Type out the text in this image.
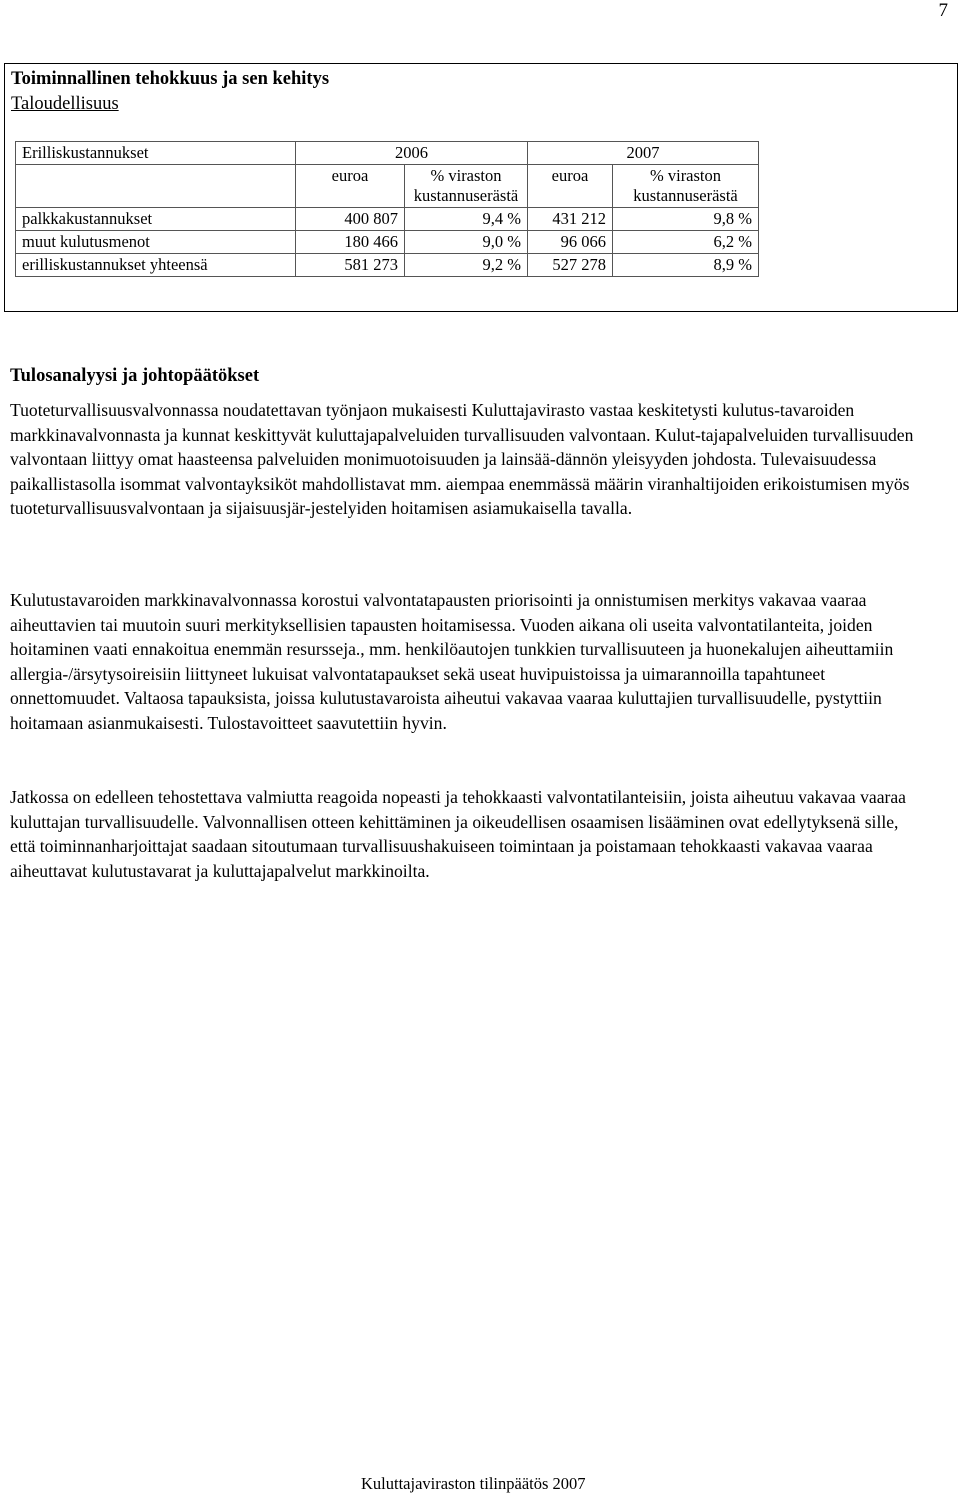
7
Toiminnallinen tehokkuus ja sen kehitys
Taloudellisuus
Erilliskustannukset	2006		2007	
	euroa	% viraston kustannuserästä	euroa	% viraston kustannuserästä
palkkakustannukset	400 807	9,4 %	431 212	9,8 %
muut kulutusmenot	180 466	9,0 %	96 066	6,2 %
erilliskustannukset yhteensä	581 273	9,2 %	527 278	8,9 %
Tulosanalyysi ja johtopäätökset

Tuoteturvallisuusvalvonnassa noudatettavan työnjaon mukaisesti Kuluttajavirasto vastaa keskitetysti kulutus-tavaroiden markkinavalvonnasta ja kunnat keskittyvät kuluttajapalveluiden turvallisuuden valvontaan. Kulut-tajapalveluiden turvallisuuden valvontaan liittyy omat haasteensa palveluiden monimuotoisuuden ja lainsää-dännön yleisyyden johdosta. Tulevaisuudessa paikallistasolla isommat valvontayksiköt mahdollistavat mm. aiempaa enemmässä määrin viranhaltijoiden erikoistumisen myös tuoteturvallisuusvalvontaan ja sijaisuusjär-jestelyiden hoitamisen asiamukaisella tavalla.

Kulutustavaroiden markkinavalvonnassa korostui valvontatapausten priorisointi ja onnistumisen merkitys vakavaa vaaraa aiheuttavien tai muutoin suuri merkityksellisien tapausten hoitamisessa. Vuoden aikana oli useita valvontatilanteita, joiden hoitaminen vaati ennakoitua enemmän resursseja., mm. henkilöautojen tunkkien turvallisuuteen ja huonekalujen aiheuttamiin allergia-/ärsytysoireisiin liittyneet lukuisat valvontatapaukset sekä useat huvipuistoissa ja uimarannoilla tapahtuneet onnettomuudet. Valtaosa tapauksista, joissa kulutustavaroista aiheutui vakavaa vaaraa kuluttajien turvallisuudelle, pystyttiin hoitamaan asianmukaisesti. Tulostavoitteet saavutettiin hyvin.

Jatkossa on edelleen tehostettava valmiutta reagoida nopeasti ja tehokkaasti valvontatilanteisiin, joista aiheutuu vakavaa vaaraa kuluttajan turvallisuudelle. Valvonnallisen otteen kehittäminen ja oikeudellisen osaamisen lisääminen ovat edellytyksenä sille, että toiminnanharjoittajat saadaan sitoutumaan turvallisuushakuiseen toimintaan ja poistamaan tehokkaasti vakavaa vaaraa aiheuttavat kulutustavarat ja kuluttajapalvelut markkinoilta.

Kuluttajaviraston tilinpäätös 2007
